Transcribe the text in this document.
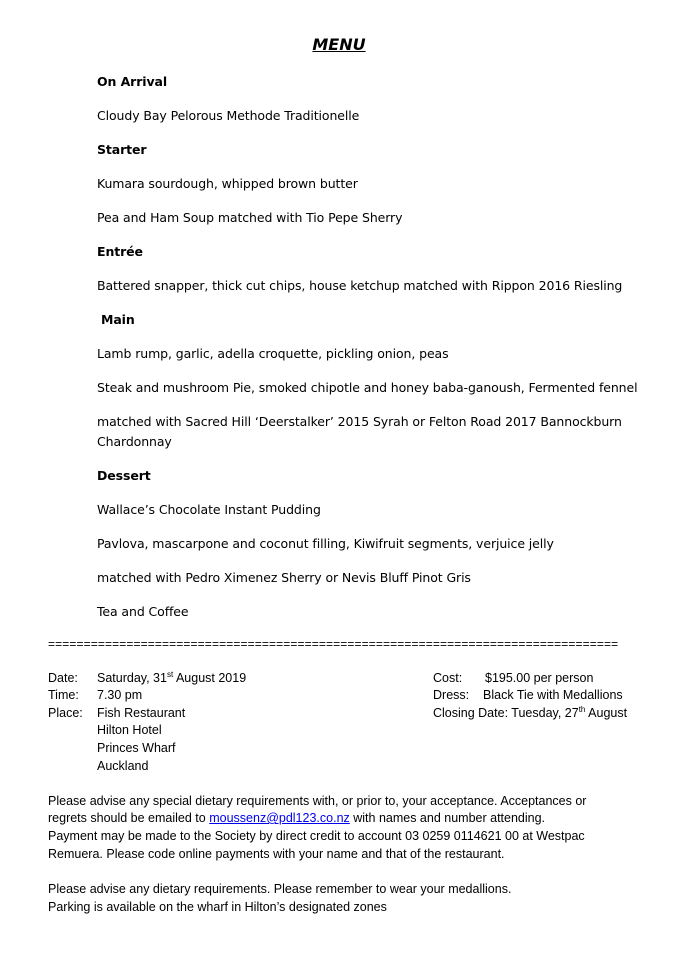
MENU
On Arrival
Cloudy Bay Pelorous Methode Traditionelle
Starter
Kumara sourdough, whipped brown butter
Pea and Ham Soup matched with Tio Pepe Sherry
Entrée
Battered snapper, thick cut chips, house ketchup matched with Rippon 2016 Riesling
Main
Lamb rump, garlic, adella croquette, pickling onion, peas
Steak and mushroom Pie, smoked chipotle and honey baba-ganoush, Fermented fennel
matched with Sacred Hill ‘Deerstalker’ 2015 Syrah or Felton Road 2017 Bannockburn
Chardonnay
Dessert
Wallace’s Chocolate Instant Pudding
Pavlova, mascarpone and coconut filling, Kiwifruit segments, verjuice jelly
matched with Pedro Ximenez Sherry or Nevis Bluff Pinot Gris
Tea and Coffee
================================================================================
Date: Saturday, 31st August 2019
Time: 7.30 pm
Place: Fish Restaurant
Hilton Hotel
Princes Wharf
Auckland
Cost: $195.00 per person
Dress: Black Tie with Medallions
Closing Date: Tuesday, 27th August
Please advise any special dietary requirements with, or prior to, your acceptance. Acceptances or
regrets should be emailed to moussenz@pdl123.co.nz with names and number attending.
Payment may be made to the Society by direct credit to account 03 0259 0114621 00 at Westpac
Remuera. Please code online payments with your name and that of the restaurant.
Please advise any dietary requirements. Please remember to wear your medallions.
Parking is available on the wharf in Hilton’s designated zones
